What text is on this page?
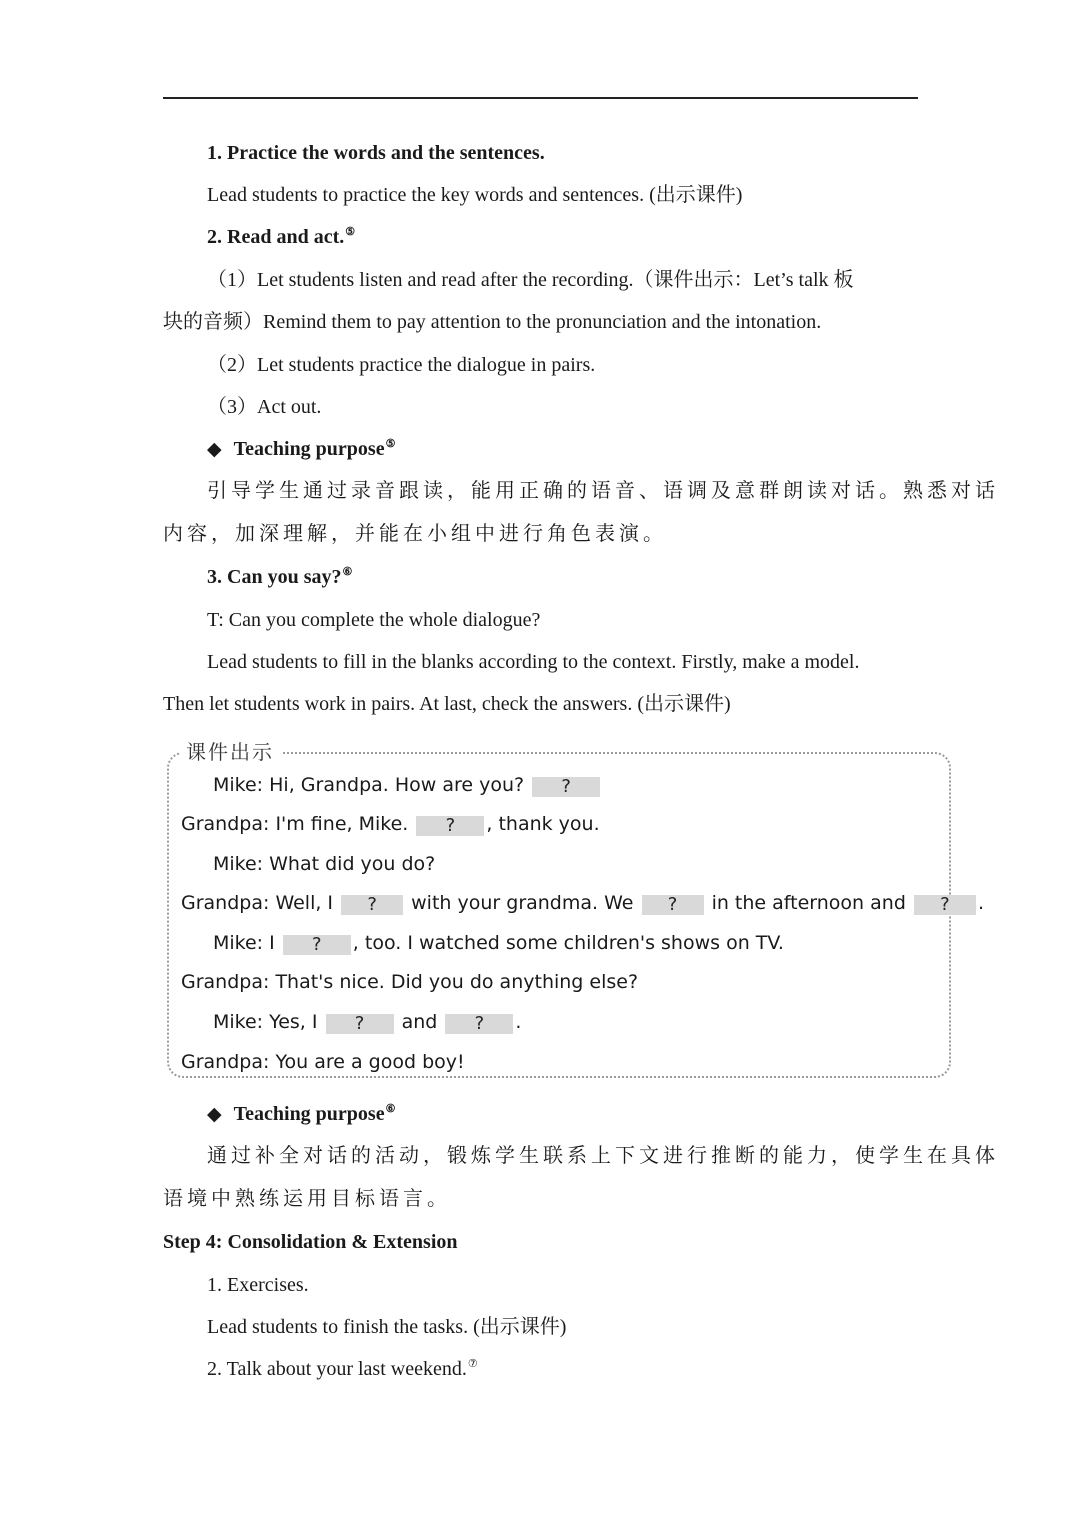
1. Practice the words and the sentences.
Lead students to practice the key words and sentences. (出示课件)
2. Read and act.⑤
（1）Let students listen and read after the recording.（课件出示：Let’s talk 板
块的音频）Remind them to pay attention to the pronunciation and the intonation.
（2）Let students practice the dialogue in pairs.
（3）Act out.
◆ Teaching purpose⑤
引导学生通过录音跟读，能用正确的语音、语调及意群朗读对话。熟悉对话
内容，加深理解，并能在小组中进行角色表演。
3. Can you say?⑥
T: Can you complete the whole dialogue?
Lead students to fill in the blanks according to the context. Firstly, make a model.
Then let students work in pairs. At last, check the answers. (出示课件)
课件出示
Mike: Hi, Grandpa. How are you? ?
Grandpa: I'm fine, Mike. ? , thank you.
Mike: What did you do?
Grandpa: Well, I ? with your grandma. We ? in the afternoon and ? .
Mike: I ? , too. I watched some children's shows on TV.
Grandpa: That's nice. Did you do anything else?
Mike: Yes, I ? and ? .
Grandpa: You are a good boy!
◆ Teaching purpose⑥
通过补全对话的活动，锻炼学生联系上下文进行推断的能力，使学生在具体
语境中熟练运用目标语言。
Step 4: Consolidation & Extension
1. Exercises.
Lead students to finish the tasks. (出示课件)
2. Talk about your last weekend.⑦
